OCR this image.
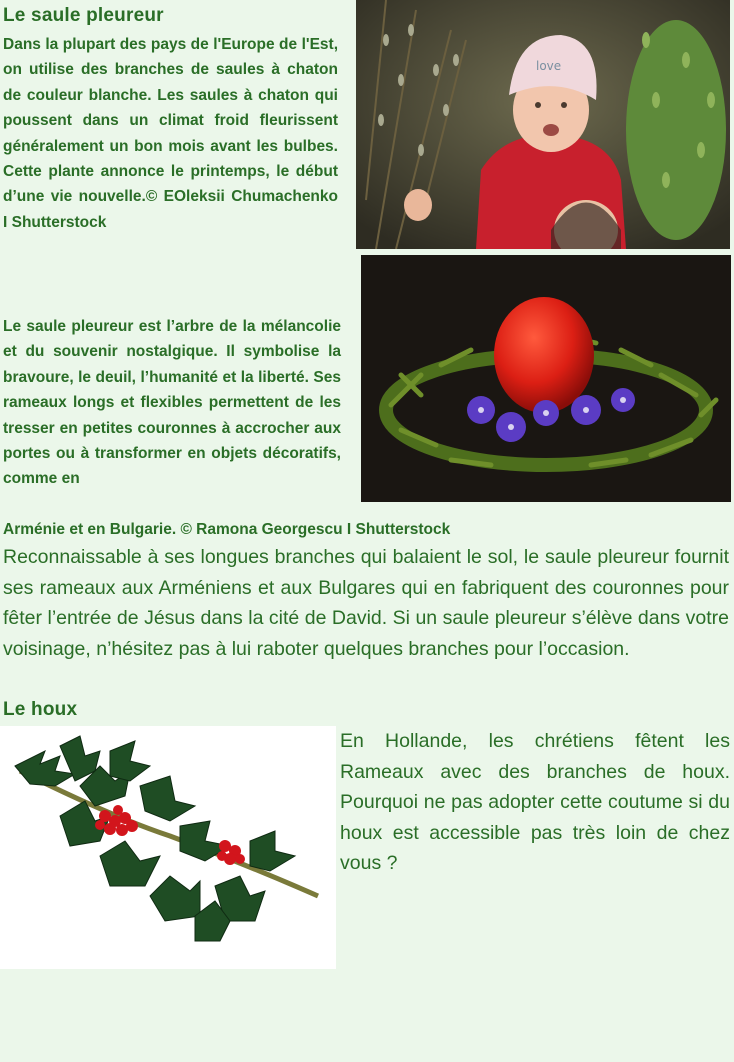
Le saule pleureur
Dans la plupart des pays de l'Europe de l'Est, on utilise des branches de saules à chaton de couleur blanche. Les saules à chaton qui poussent dans un climat froid fleurissent généralement un bon mois avant les bulbes. Cette plante annonce le printemps, le début d’une vie nouvelle.© EOleksii Chumachenko I Shutterstock
love
Le saule pleureur est l’arbre de la mélancolie et du souvenir nostalgique. Il symbolise la bravoure, le deuil, l’humanité et la liberté. Ses rameaux longs et flexibles permettent de les tresser en petites couronnes à accrocher aux portes ou à transformer en objets décoratifs, comme en
Arménie et en Bulgarie. © Ramona Georgescu I Shutterstock
Reconnaissable à ses longues branches qui balaient le sol, le saule pleureur fournit ses rameaux aux Arméniens et aux Bulgares qui en fabriquent des couronnes pour fêter l’entrée de Jésus dans la cité de David. Si un saule pleureur s’élève dans votre voisinage, n’hésitez pas à lui raboter quelques branches pour l’occasion.
Le houx
En Hollande, les chrétiens fêtent les Rameaux avec des branches de houx. Pourquoi ne pas adopter cette coutume si du houx est accessible pas très loin de chez vous ?
